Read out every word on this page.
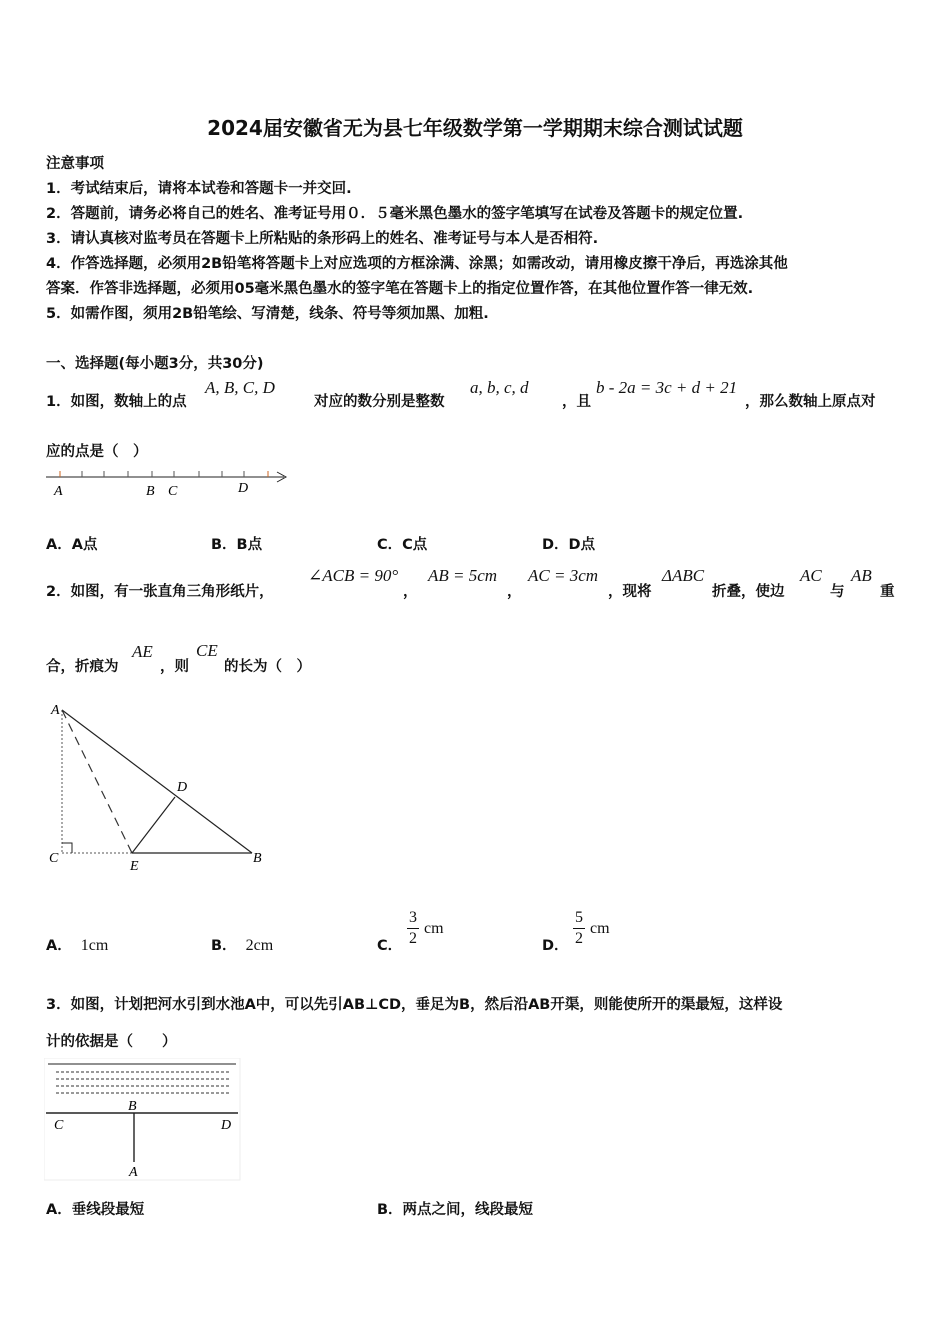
2024届安徽省无为县七年级数学第一学期期末综合测试试题
注意事项
1．考试结束后，请将本试卷和答题卡一并交回.
2．答题前，请务必将自己的姓名、准考证号用０．５毫米黑色墨水的签字笔填写在试卷及答题卡的规定位置.
3．请认真核对监考员在答题卡上所粘贴的条形码上的姓名、准考证号与本人是否相符.
4．作答选择题，必须用2B铅笔将答题卡上对应选项的方框涂满、涂黑；如需改动，请用橡皮擦干净后，再选涂其他
答案．作答非选择题，必须用05毫米黑色墨水的签字笔在答题卡上的指定位置作答，在其他位置作答一律无效.
5．如需作图，须用2B铅笔绘、写清楚，线条、符号等须加黑、加粗.
一、选择题(每小题3分，共30分)
1．如图，数轴上的点
A, B, C, D
对应的数分别是整数
a, b, c, d
，且
b - 2a = 3c + d + 21
，那么数轴上原点对
应的点是（　）
A	B C	D
A．A点	B．B点	C．C点	D．D点
2．如图，有一张直角三角形纸片，
∠ACB = 90°
，
AB = 5cm
，
AC = 3cm
，现将
ΔABC
折叠，使边
AC
与
AB
重
合，折痕为
AE
，则
CE
的长为（　）
A
D
C
E
B
A． 1cm	B． 2cm	C． $\frac{3}{2}$ cm
D． $\frac{5}{2}$ cm
3．如图，计划把河水引到水池A中，可以先引AB⊥CD，垂足为B，然后沿AB开渠，则能使所开的渠最短，这样设
计的依据是（　　）
B
C	D
A
A．垂线段最短	B．两点之间，线段最短
